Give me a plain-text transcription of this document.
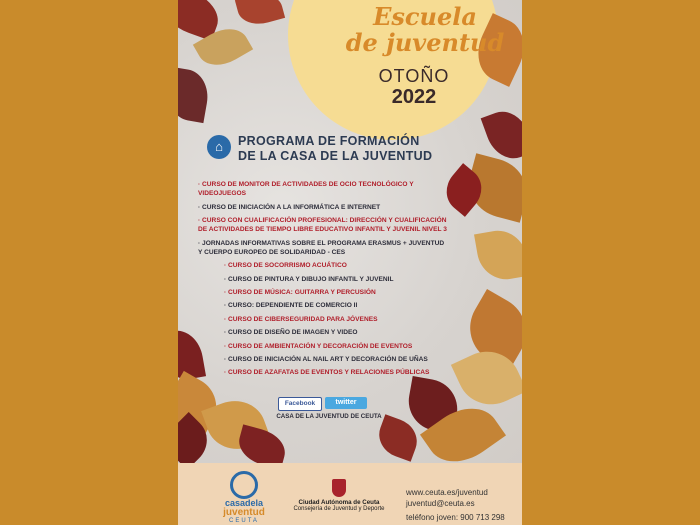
Escuela
de juventud
OTOÑO
2022
⌂	PROGRAMA DE FORMACIÓN
DE LA CASA DE LA JUVENTUD
· CURSO DE MONITOR DE ACTIVIDADES DE OCIO TECNOLÓGICO Y VIDEOJUEGOS
· CURSO DE INICIACIÓN A LA INFORMÁTICA E INTERNET
· CURSO CON CUALIFICACIÓN PROFESIONAL: DIRECCIÓN Y CUALIFICACIÓN
DE ACTIVIDADES DE TIEMPO LIBRE EDUCATIVO INFANTIL Y JUVENIL NIVEL 3
· JORNADAS INFORMATIVAS SOBRE EL PROGRAMA ERASMUS + JUVENTUD
Y CUERPO EUROPEO DE SOLIDARIDAD - CES
· CURSO DE SOCORRISMO ACUÁTICO
· CURSO DE PINTURA Y DIBUJO INFANTIL Y JUVENIL
· CURSO DE MÚSICA: GUITARRA Y PERCUSIÓN
· CURSO: DEPENDIENTE DE COMERCIO II
· CURSO DE CIBERSEGURIDAD PARA JÓVENES
· CURSO DE DISEÑO DE IMAGEN Y VIDEO
· CURSO DE AMBIENTACIÓN Y DECORACIÓN DE EVENTOS
· CURSO DE INICIACIÓN AL NAIL ART Y DECORACIÓN DE UÑAS
· CURSO DE AZAFATAS DE EVENTOS Y RELACIONES PÚBLICAS
Facebook	twitter
CASA DE LA JUVENTUD DE CEUTA
casadela
juventud
CEUTA
Ciudad Autónoma de Ceuta
Consejería de Juventud y Deporte
www.ceuta.es/juventud
juventud@ceuta.es
teléfono joven: 900 713 298
